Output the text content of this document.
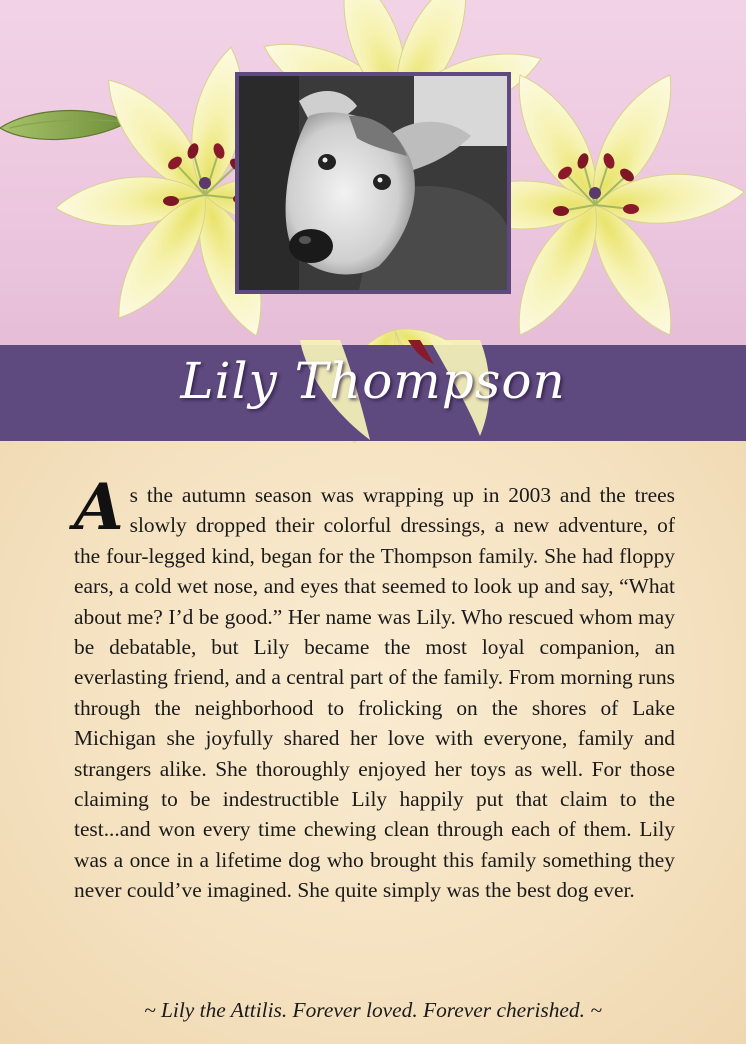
Lily Thompson

As the autumn season was wrapping up in 2003 and the trees slowly dropped their colorful dressings, a new adventure, of the four-legged kind, began for the Thompson family. She had floppy ears, a cold wet nose, and eyes that seemed to look up and say, “What about me? I’d be good.” Her name was Lily. Who rescued whom may be debatable, but Lily became the most loyal companion, an everlasting friend, and a central part of the family. From morning runs through the neighborhood to frolicking on the shores of Lake Michigan she joyfully shared her love with everyone, family and strangers alike. She thoroughly enjoyed her toys as well. For those claiming to be indestructible Lily happily put that claim to the test...and won every time chewing clean through each of them. Lily was a once in a lifetime dog who brought this family something they never could’ve imagined. She quite simply was the best dog ever.

~ Lily the Attilis. Forever loved. Forever cherished. ~
